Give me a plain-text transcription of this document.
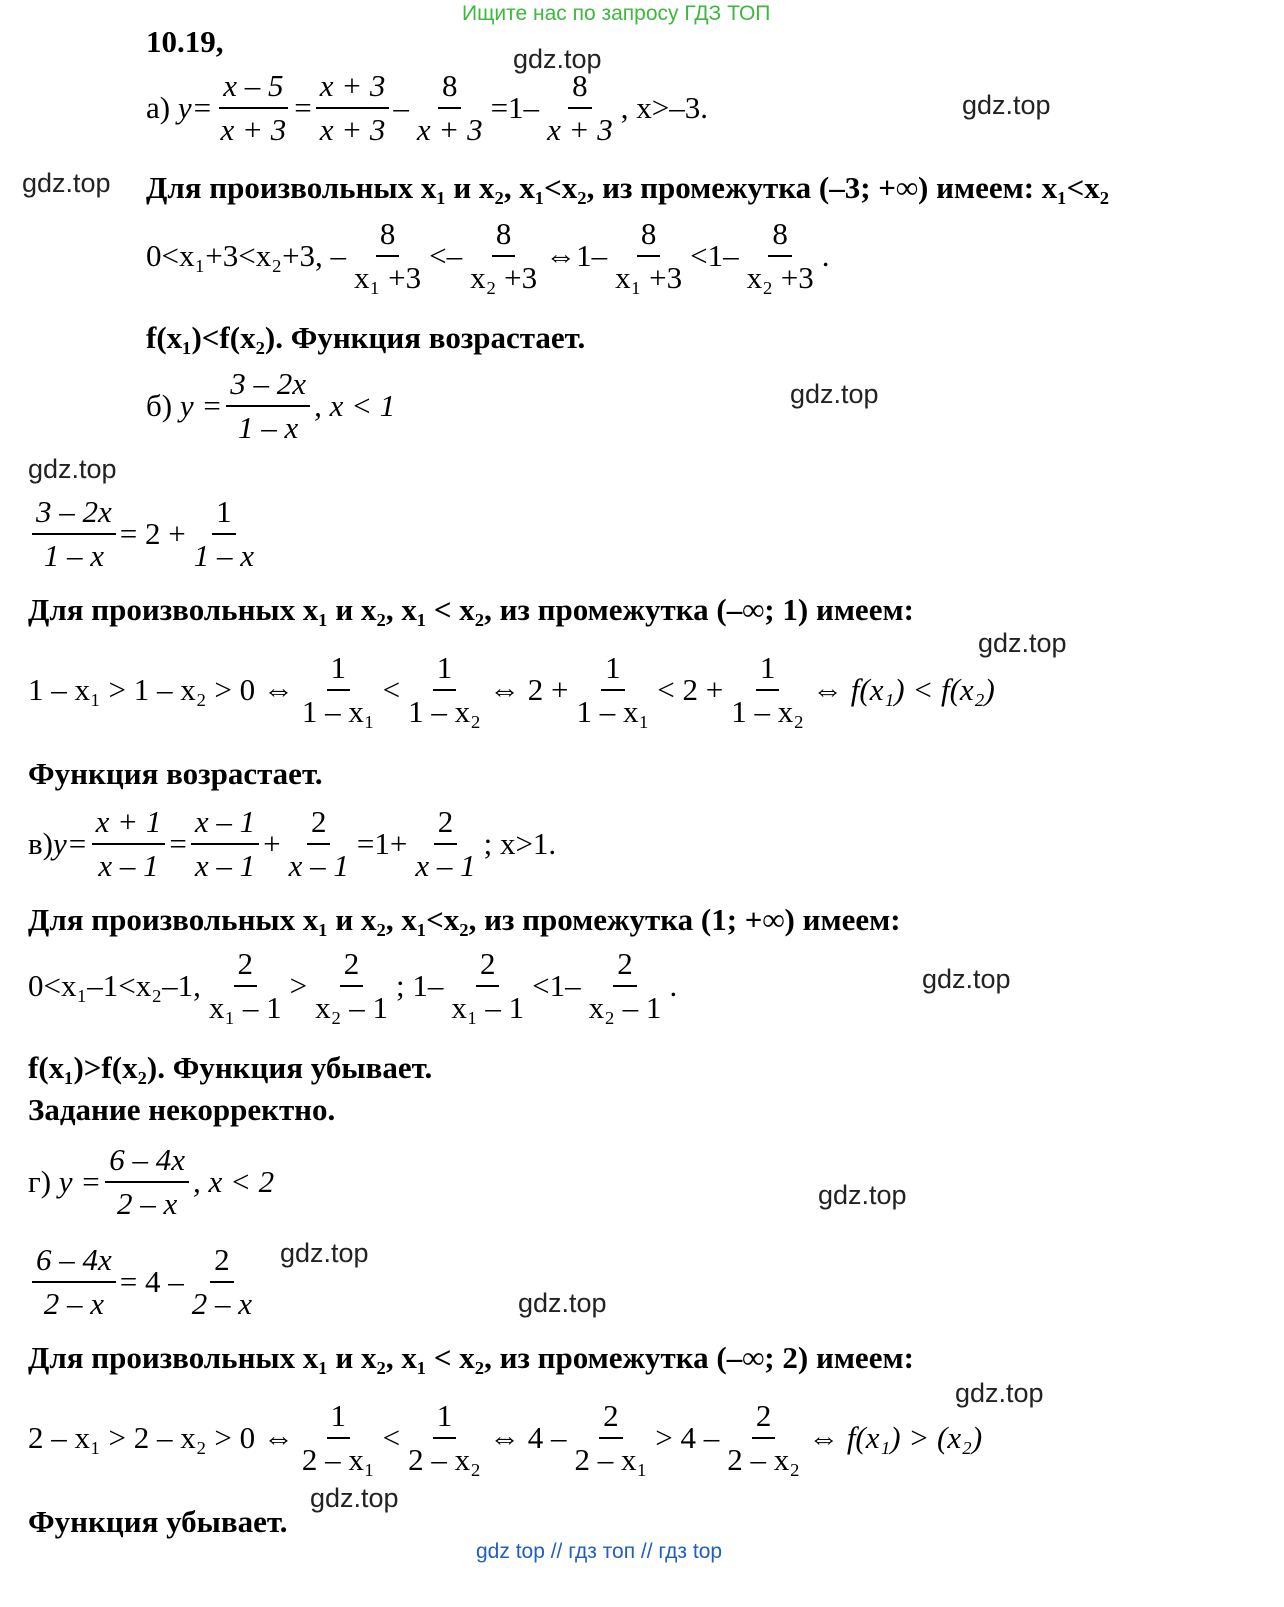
Ищите нас по запросу ГДЗ ТОП
gdz top // гдз топ // гдз top
gdz.top
gdz.top
gdz.top
gdz.top
gdz.top
gdz.top
gdz.top
gdz.top
gdz.top
gdz.top
gdz.top
gdz.top
10.19,
а)
$y= \frac{x - 5}{x + 3} = \frac{x + 3}{x + 3} - \frac{8}{x + 3} =1- \frac{8}{x + 3}$ , x>–3.
Для произвольных x₁ и x₂, x₁<x₂, из промежутка (–3; +∞) имеем: x₁<x₂
0<x₁+3<x₂+3, – $\frac{8}{\text{x₁ +3}} <- \frac{8}{\text{x₂ +3}}$ ⇔1– $\frac{8}{\text{x₁ +3}} <1- \frac{8}{\text{x₂ +3}}$ .
f(x₁)<f(x₂). Функция возрастает.
б)
$y = \frac{3 - 2x}{1 - x}$ , x < 1
$\frac{3 - 2x}{1 - x} = 2 + \frac{1}{1 - x}$
Для произвольных x₁ и x₂, x₁ < x₂, из промежутка (–∞; 1) имеем:
1 – x₁ > 1 – x₂ > 0 ⇔ $\frac{1}{\text{1 – x₁}} < \frac{1}{\text{1 – x₂}}$ ⇔ $2 + \frac{1}{\text{1 – x₁}} < 2 + \frac{1}{\text{1 – x₂}}$ ⇔ f(x₁) < f(x₂)
Функция возрастает.
в) $y= \frac{x + 1}{x - 1} = \frac{x - 1}{x - 1} + \frac{2}{x - 1} =1+ \frac{2}{x - 1}$ ; x>1.
Для произвольных x₁ и x₂, x₁<x₂, из промежутка (1; +∞) имеем:
0<x₁–1<x₂–1, $\frac{2}{\text{x₁ – 1}} > \frac{2}{\text{x₂ – 1}}$ ; $1- \frac{2}{\text{x₁ – 1}} <1- \frac{2}{\text{x₂ – 1}}$ .
f(x₁)>f(x₂). Функция убывает.
Задание некорректно.
г)
$y = \frac{6 - 4x}{2 - x}$ , x < 2
$\frac{6 - 4x}{2 - x} = 4 - \frac{2}{2 - x}$
Для произвольных x₁ и x₂, x₁ < x₂, из промежутка (–∞; 2) имеем:
2 – x₁ > 2 – x₂ > 0 ⇔ $\frac{1}{\text{2 – x₁}} < \frac{1}{\text{2 – x₂}}$ ⇔ $4 - \frac{2}{\text{2 – x₁}} > 4 - \frac{2}{\text{2 – x₂}}$ ⇔ f(x₁) > (x₂)
Функция убывает.
